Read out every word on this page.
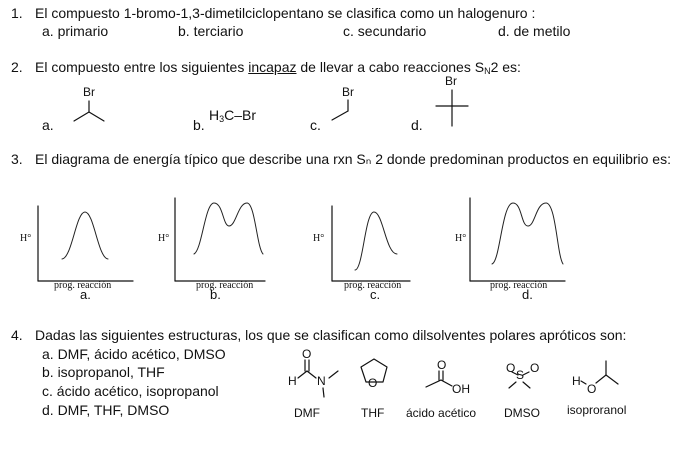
1. El compuesto 1-bromo-1,3-dimetilciclopentano se clasifica como un halogenuro :
a. primario	b. terciario	c. secundario	d. de metilo
2. El compuesto entre los siguientes incapaz de llevar a cabo reacciones $S_N2$ es:
a.
Br
b.
$H_3C-Br$
c.
Br
d.
Br
3. El diagrama de energía típico que describe una rxn Sₙ 2 donde predominan productos en equilibrio es:
H°
prog. reacción
a.
H°
prog. reacción
b.
H°
prog. reacción
c.
H°
prog. reacción
d.
4. Dadas las siguientes estructuras, los que se clasifican como dilsolventes polares apróticos son:
a. DMF, ácido acético, DMSO
b. isopropanol, THF
c. ácido acético, isopropanol
d. DMF, THF, DMSO
O
H N	O
O
OH
O S O
H
O
DMF	THF ácido acético DMSO isoproranol
